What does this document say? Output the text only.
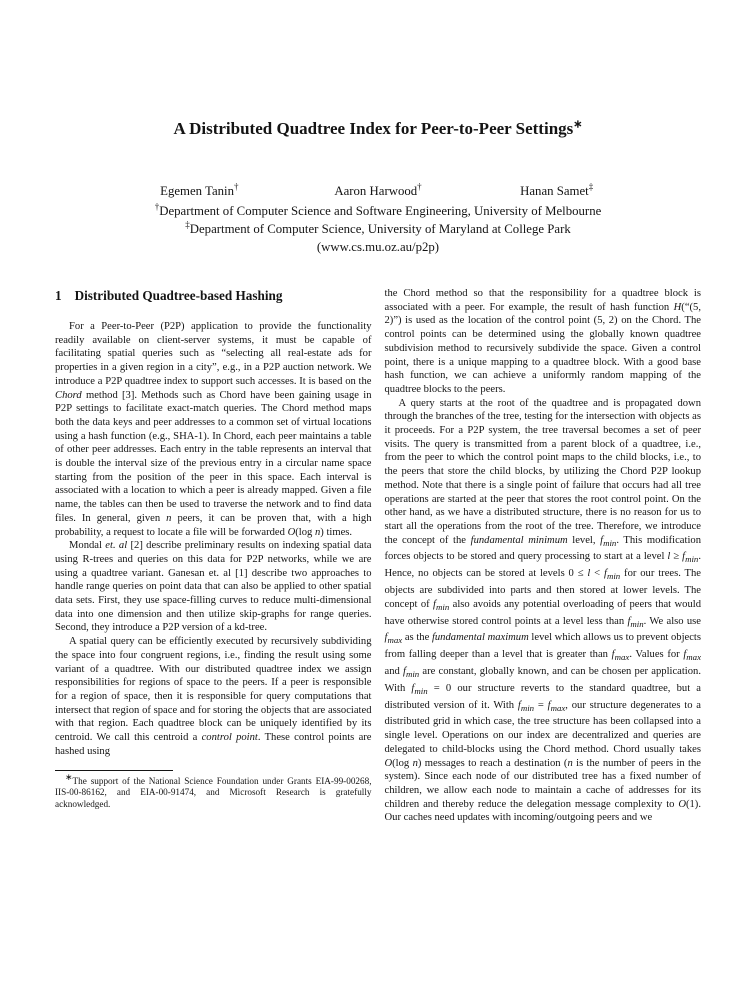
A Distributed Quadtree Index for Peer-to-Peer Settings∗
Egemen Tanin†	Aaron Harwood†	Hanan Samet‡
†Department of Computer Science and Software Engineering, University of Melbourne
‡Department of Computer Science, University of Maryland at College Park
(www.cs.mu.oz.au/p2p)
1 Distributed Quadtree-based Hashing

For a Peer-to-Peer (P2P) application to provide the functionality readily available on client-server systems, it must be capable of facilitating spatial queries such as “selecting all real-estate ads for properties in a given region in a city”, e.g., in a P2P auction network. We introduce a P2P quadtree index to support such accesses. It is based on the Chord method [3]. Methods such as Chord have been gaining usage in P2P settings to facilitate exact-match queries. The Chord method maps both the data keys and peer addresses to a common set of virtual locations using a hash function (e.g., SHA-1). In Chord, each peer maintains a table of other peer addresses. Each entry in the table represents an interval that is double the interval size of the previous entry in a circular name space starting from the position of the peer in this space. Each interval is associated with a location to which a peer is already mapped. Given a file name, the tables can then be used to traverse the network and to find data files. In general, given n peers, it can be proven that, with a high probability, a request to locate a file will be forwarded O(log n) times.

Mondal et. al [2] describe preliminary results on indexing spatial data using R-trees and queries on this data for P2P networks, while we are using a quadtree variant. Ganesan et. al [1] describe two approaches to handle range queries on point data that can also be applied to other spatial data sets. First, they use space-filling curves to reduce multi-dimensional data into one dimension and then utilize skip-graphs for range queries. Second, they introduce a P2P version of a kd-tree.

A spatial query can be efficiently executed by recursively subdividing the space into four congruent regions, i.e., finding the result using some variant of a quadtree. With our distributed quadtree index we assign responsibilities for regions of space to the peers. If a peer is responsible for a region of space, then it is responsible for query computations that intersect that region of space and for storing the objects that are associated with that region. Each quadtree block can be uniquely identified by its centroid. We call this centroid a control point. These control points are hashed using

∗The support of the National Science Foundation under Grants EIA-99-00268, IIS-00-86162, and EIA-00-91474, and Microsoft Research is gratefully acknowledged.

the Chord method so that the responsibility for a quadtree block is associated with a peer. For example, the result of hash function H(“(5, 2)”) is used as the location of the control point (5, 2) on the Chord. The control points can be determined using the globally known quadtree subdivision method to recursively subdivide the space. Given a control point, there is a unique mapping to a quadtree block. With a good base hash function, we can achieve a uniformly random mapping of the quadtree blocks to the peers.

A query starts at the root of the quadtree and is propagated down through the branches of the tree, testing for the intersection with objects as it proceeds. For a P2P system, the tree traversal becomes a set of peer visits. The query is transmitted from a parent block of a quadtree, i.e., from the peer to which the control point maps to the child blocks, i.e., to the peers that store the child blocks, by utilizing the Chord P2P lookup method. Note that there is a single point of failure that occurs had all tree operations are started at the peer that stores the root control point. On the other hand, as we have a distributed structure, there is no reason for us to start all the operations from the root of the tree. Therefore, we introduce the concept of the fundamental minimum level, $f_{min}$. This modification forces objects to be stored and query processing to start at a level $l \ge f_{min}$. Hence, no objects can be stored at levels $0 \le l < f_{min}$ for our trees. The objects are subdivided into parts and then stored at lower levels. The concept of $f_{min}$ also avoids any potential overloading of peers that would have otherwise stored control points at a level less than $f_{min}$. We also use $f_{max}$ as the fundamental maximum level which allows us to prevent objects from falling deeper than a level that is greater than $f_{max}$. Values for $f_{max}$ and $f_{min}$ are constant, globally known, and can be chosen per application. With $f_{min} = 0$ our structure reverts to the standard quadtree, but a distributed version of it. With $f_{min} = f_{max}$, our structure degenerates to a distributed grid in which case, the tree structure has been collapsed into a single level. Operations on our index are decentralized and queries are delegated to child-blocks using the Chord method. Chord usually takes O(log n) messages to reach a destination (n is the number of peers in the system). Since each node of our distributed tree has a fixed number of children, we allow each node to maintain a cache of addresses for its children and thereby reduce the delegation message complexity to O(1). Our caches need updates with incoming/outgoing peers and we
